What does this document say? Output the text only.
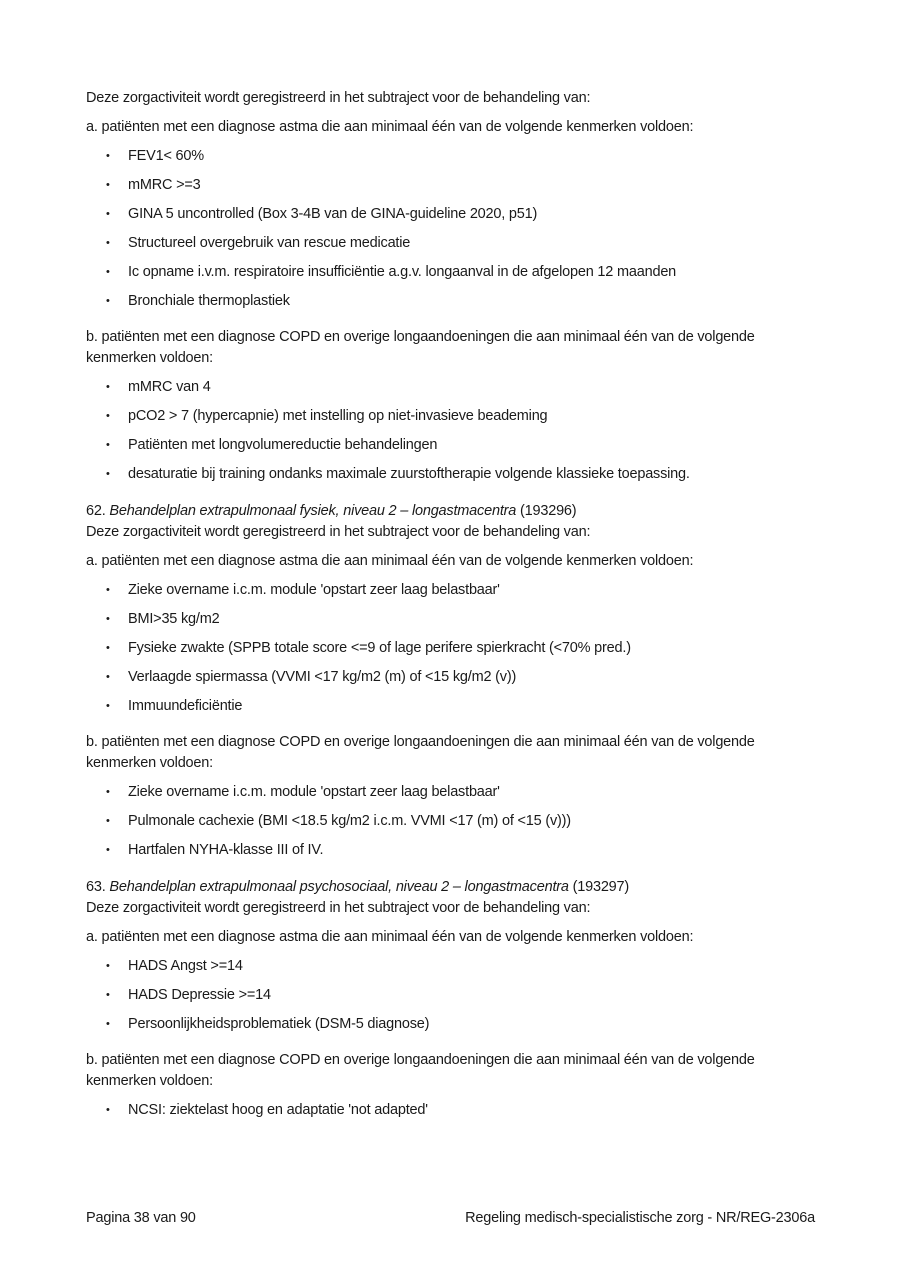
Deze zorgactiviteit wordt geregistreerd in het subtraject voor de behandeling van:

a. patiënten met een diagnose astma die aan minimaal één van de volgende kenmerken voldoen:

•	FEV1< 60%
•	mMRC >=3
•	GINA 5 uncontrolled (Box 3-4B van de GINA-guideline 2020, p51)
•	Structureel overgebruik van rescue medicatie
•	Ic opname i.v.m. respiratoire insufficiëntie a.g.v. longaanval in de afgelopen 12 maanden
•	Bronchiale thermoplastiek

b. patiënten met een diagnose COPD en overige longaandoeningen die aan minimaal één van de volgende
kenmerken voldoen:

•	mMRC van 4
•	pCO2 > 7 (hypercapnie) met instelling op niet-invasieve beademing
•	Patiënten met longvolumereductie behandelingen
•	desaturatie bij training ondanks maximale zuurstoftherapie volgende klassieke toepassing.

62. Behandelplan extrapulmonaal fysiek, niveau 2 – longastmacentra (193296)

Deze zorgactiviteit wordt geregistreerd in het subtraject voor de behandeling van:

a. patiënten met een diagnose astma die aan minimaal één van de volgende kenmerken voldoen:

•	Zieke overname i.c.m. module 'opstart zeer laag belastbaar'
•	BMI>35 kg/m2
•	Fysieke zwakte (SPPB totale score <=9 of lage perifere spierkracht (<70% pred.)
•	Verlaagde spiermassa (VVMI <17 kg/m2 (m) of <15 kg/m2 (v))
•	Immuundeficiëntie

b. patiënten met een diagnose COPD en overige longaandoeningen die aan minimaal één van de volgende
kenmerken voldoen:

•	Zieke overname i.c.m. module 'opstart zeer laag belastbaar'
•	Pulmonale cachexie (BMI <18.5 kg/m2 i.c.m. VVMI <17 (m) of <15 (v)))
•	Hartfalen NYHA-klasse III of IV.

63. Behandelplan extrapulmonaal psychosociaal, niveau 2 – longastmacentra (193297)

Deze zorgactiviteit wordt geregistreerd in het subtraject voor de behandeling van:

a. patiënten met een diagnose astma die aan minimaal één van de volgende kenmerken voldoen:

•	HADS Angst >=14
•	HADS Depressie >=14
•	Persoonlijkheidsproblematiek (DSM-5 diagnose)

b. patiënten met een diagnose COPD en overige longaandoeningen die aan minimaal één van de volgende
kenmerken voldoen:

•	NCSI: ziektelast hoog en adaptatie 'not adapted'
Pagina 38 van 90	Regeling medisch-specialistische zorg - NR/REG-2306a
